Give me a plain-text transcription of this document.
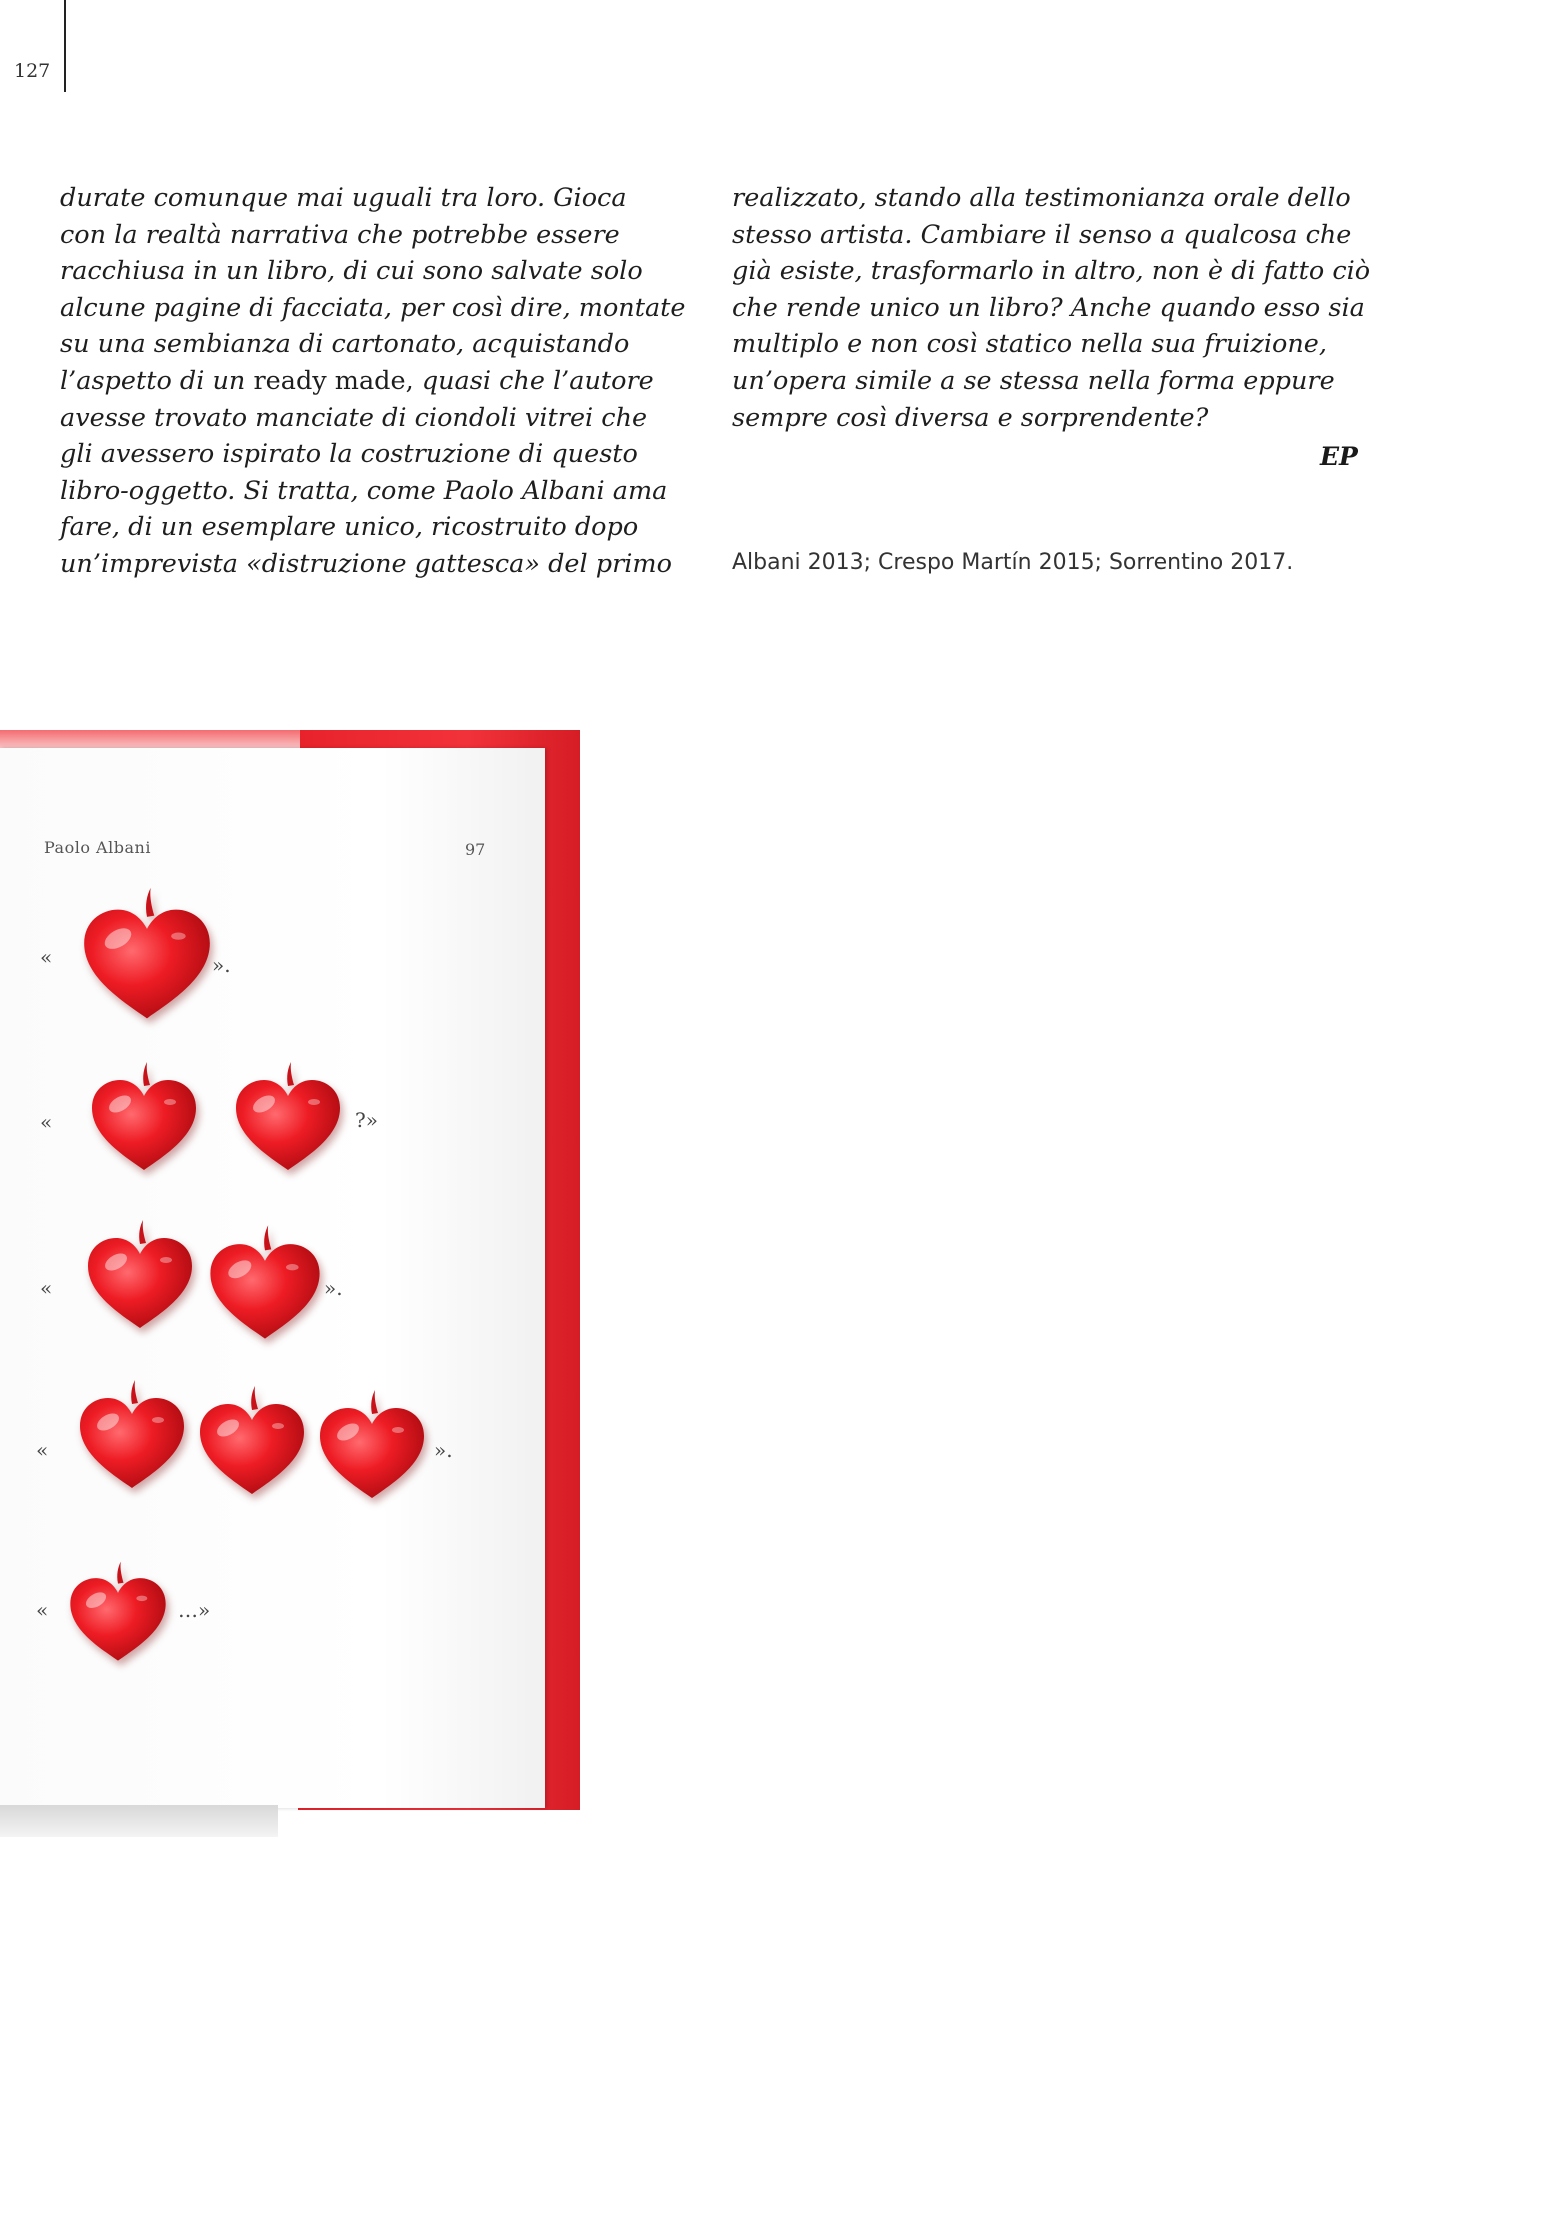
127
durate comunque mai uguali tra loro. Gioca
con la realtà narrativa che potrebbe essere
racchiusa in un libro, di cui sono salvate solo
alcune pagine di facciata, per così dire, montate
su una sembianza di cartonato, acquistando
l’aspetto di un ready made, quasi che l’autore
avesse trovato manciate di ciondoli vitrei che
gli avessero ispirato la costruzione di questo
libro-oggetto. Si tratta, come Paolo Albani ama
fare, di un esemplare unico, ricostruito dopo
un’imprevista «distruzione gattesca» del primo
realizzato, stando alla testimonianza orale dello
stesso artista. Cambiare il senso a qualcosa che
già esiste, trasformarlo in altro, non è di fatto ciò
che rende unico un libro? Anche quando esso sia
multiplo e non così statico nella sua fruizione,
un’opera simile a se stessa nella forma eppure
sempre così diversa e sorprendente?
EP
Albani 2013; Crespo Martín 2015; Sorrentino 2017.
Paolo Albani	97
«	».
«	?»
«	».
«	».
«	…»
